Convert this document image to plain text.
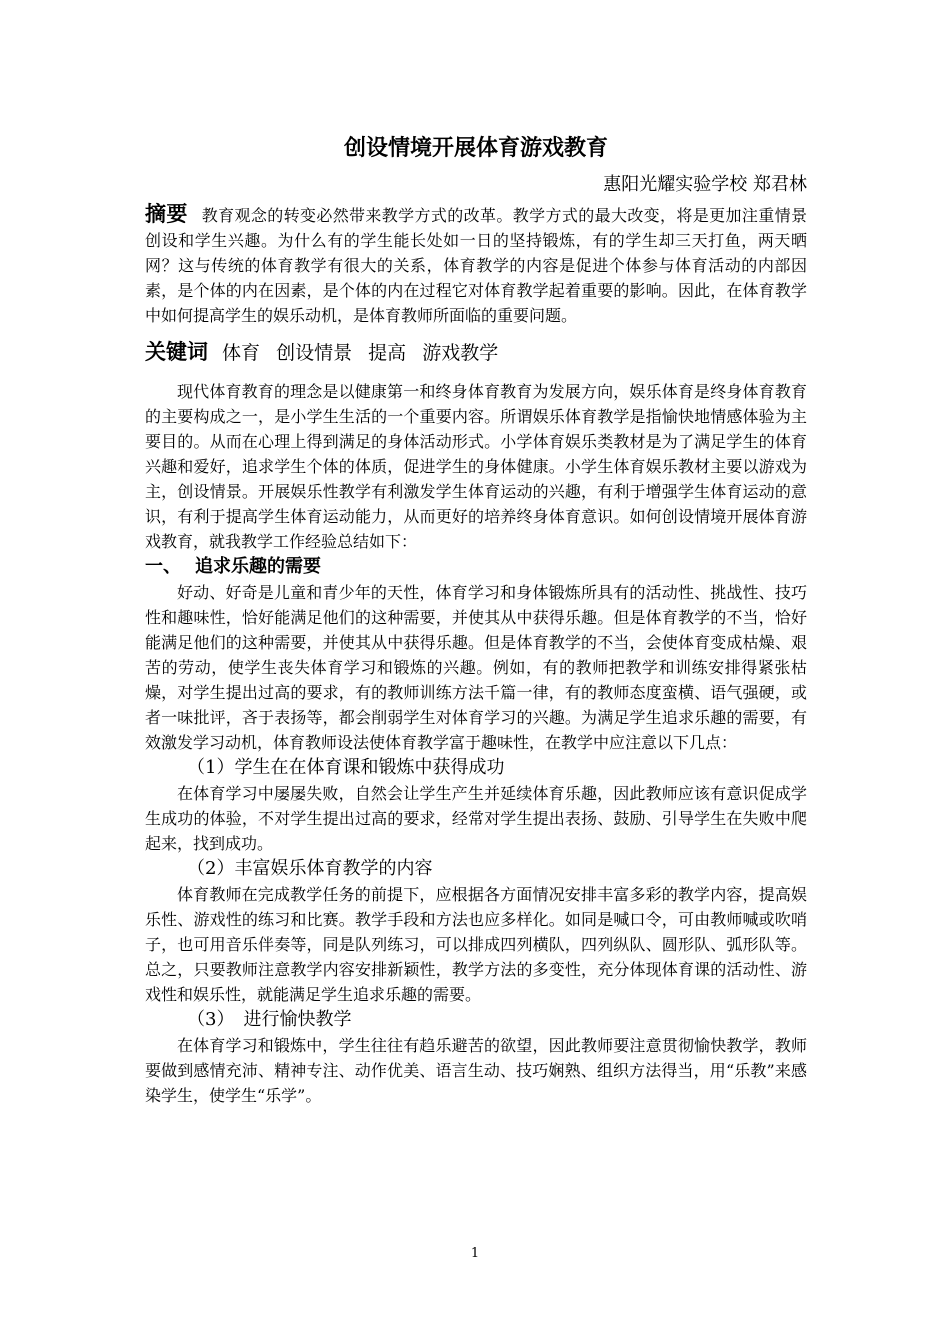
创设情境开展体育游戏教育

惠阳光耀实验学校 郑君林

摘要 教育观念的转变必然带来教学方式的改革。教学方式的最大改变，将是更加注重情景创设和学生兴趣。为什么有的学生能长处如一日的坚持锻炼，有的学生却三天打鱼，两天晒网？这与传统的体育教学有很大的关系，体育教学的内容是促进个体参与体育活动的内部因素，是个体的内在因素，是个体的内在过程它对体育教学起着重要的影响。因此，在体育教学中如何提高学生的娱乐动机，是体育教师所面临的重要问题。

关键词 体育 创设情景 提高 游戏教学

现代体育教育的理念是以健康第一和终身体育教育为发展方向，娱乐体育是终身体育教育的主要构成之一，是小学生生活的一个重要内容。所谓娱乐体育教学是指愉快地情感体验为主要目的。从而在心理上得到满足的身体活动形式。小学体育娱乐类教材是为了满足学生的体育兴趣和爱好，追求学生个体的体质，促进学生的身体健康。小学生体育娱乐教材主要以游戏为主，创设情景。开展娱乐性教学有利激发学生体育运动的兴趣，有利于增强学生体育运动的意识，有利于提高学生体育运动能力，从而更好的培养终身体育意识。如何创设情境开展体育游戏教育，就我教学工作经验总结如下：

一、 追求乐趣的需要

好动、好奇是儿童和青少年的天性，体育学习和身体锻炼所具有的活动性、挑战性、技巧性和趣味性，恰好能满足他们的这种需要，并使其从中获得乐趣。但是体育教学的不当，恰好能满足他们的这种需要，并使其从中获得乐趣。但是体育教学的不当，会使体育变成枯燥、艰苦的劳动，使学生丧失体育学习和锻炼的兴趣。例如，有的教师把教学和训练安排得紧张枯燥，对学生提出过高的要求，有的教师训练方法千篇一律，有的教师态度蛮横、语气强硬，或者一味批评，吝于表扬等，都会削弱学生对体育学习的兴趣。为满足学生追求乐趣的需要，有效激发学习动机，体育教师设法使体育教学富于趣味性，在教学中应注意以下几点：

（1）学生在在体育课和锻炼中获得成功

在体育学习中屡屡失败，自然会让学生产生并延续体育乐趣，因此教师应该有意识促成学生成功的体验，不对学生提出过高的要求，经常对学生提出表扬、鼓励、引导学生在失败中爬起来，找到成功。

（2）丰富娱乐体育教学的内容

体育教师在完成教学任务的前提下，应根据各方面情况安排丰富多彩的教学内容，提高娱乐性、游戏性的练习和比赛。教学手段和方法也应多样化。如同是喊口令，可由教师喊或吹哨子，也可用音乐伴奏等，同是队列练习，可以排成四列横队，四列纵队、圆形队、弧形队等。总之，只要教师注意教学内容安排新颖性，教学方法的多变性，充分体现体育课的活动性、游戏性和娱乐性，就能满足学生追求乐趣的需要。

（3）　进行愉快教学

在体育学习和锻炼中，学生往往有趋乐避苦的欲望，因此教师要注意贯彻愉快教学，教师要做到感情充沛、精神专注、动作优美、语言生动、技巧娴熟、组织方法得当，用“乐教”来感染学生，使学生“乐学”。

1
